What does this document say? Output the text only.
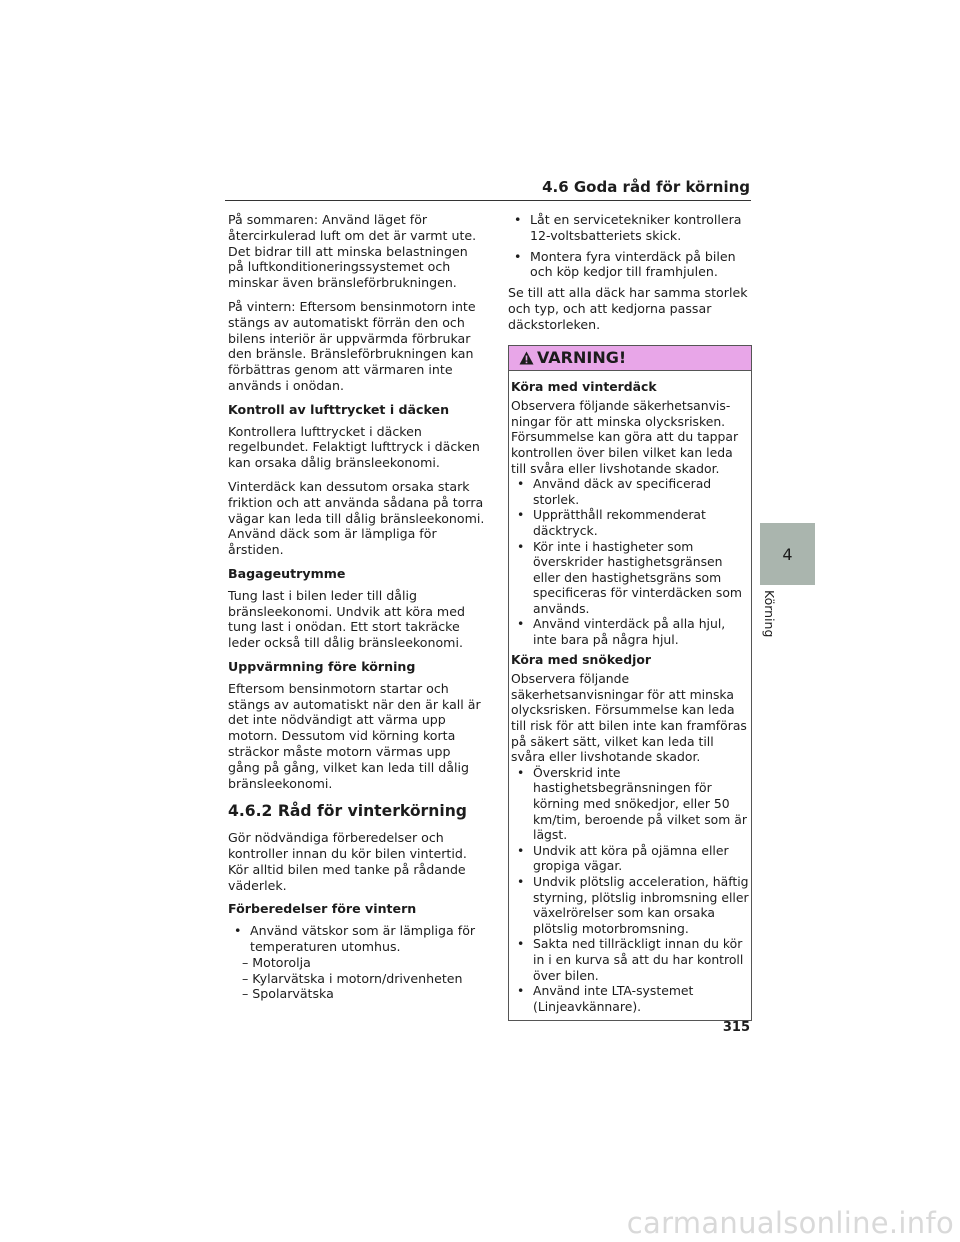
4.6 Goda råd för körning

På sommaren: Använd läget för återcirkulerad luft om det är varmt ute. Det bidrar till att minska belastningen på luftkonditioneringssystemet och minskar även bränsleförbrukningen.

På vintern: Eftersom bensinmotorn inte stängs av automatiskt förrän den och bilens interiör är uppvärmda förbrukar den bränsle. Bränsleförbrukningen kan förbättras genom att värmaren inte används i onödan.

Kontroll av lufttrycket i däcken

Kontrollera lufttrycket i däcken regelbundet. Felaktigt lufttryck i däcken kan orsaka dålig bränsleekonomi.

Vinterdäck kan dessutom orsaka stark friktion och att använda sådana på torra vägar kan leda till dålig bränsleekonomi. Använd däck som är lämpliga för årstiden.

Bagageutrymme

Tung last i bilen leder till dålig bränsleekonomi. Undvik att köra med tung last i onödan. Ett stort takräcke leder också till dålig bränsleekonomi.

Uppvärmning före körning

Eftersom bensinmotorn startar och stängs av automatiskt när den är kall är det inte nödvändigt att värma upp motorn. Dessutom vid körning korta sträckor måste motorn värmas upp gång på gång, vilket kan leda till dålig bränsleekonomi.

4.6.2 Råd för vinterkörning

Gör nödvändiga förberedelser och kontroller innan du kör bilen vintertid. Kör alltid bilen med tanke på rådande väderlek.

Förberedelser före vintern

• Använd vätskor som är lämpliga för temperaturen utomhus.
– Motorolja
– Kylarvätska i motorn/drivenheten
– Spolarvätska
• Låt en servicetekniker kontrollera 12-voltsbatteriets skick.
• Montera fyra vinterdäck på bilen och köp kedjor till framhjulen.

Se till att alla däck har samma storlek och typ, och att kedjorna passar däckstorleken.

VARNING!

Köra med vinterdäck

Observera följande säkerhetsanvisningar för att minska olycksrisken. Försummelse kan göra att du tappar kontrollen över bilen vilket kan leda till svåra eller livshotande skador.

• Använd däck av specificerad storlek.
• Upprätthåll rekommenderat däcktryck.
• Kör inte i hastigheter som överskrider hastighetsgränsen eller den hastighetsgräns som specificeras för vinterdäcken som används.
• Använd vinterdäck på alla hjul, inte bara på några hjul.

Köra med snökedjor

Observera följande säkerhetsanvisningar för att minska olycksrisken. Försummelse kan leda till risk för att bilen inte kan framföras på säkert sätt, vilket kan leda till svåra eller livshotande skador.

• Överskrid inte hastighetsbegränsningen för körning med snökedjor, eller 50 km/tim, beroende på vilket som är lägst.
• Undvik att köra på ojämna eller gropiga vägar.
• Undvik plötslig acceleration, häftig styrning, plötslig inbromsning eller växelrörelser som kan orsaka plötslig motorbromsning.
• Sakta ned tillräckligt innan du kör in i en kurva så att du har kontroll över bilen.
• Använd inte LTA-systemet (Linjeavkännare).
4
Körning
315
carmanualsonline.info
